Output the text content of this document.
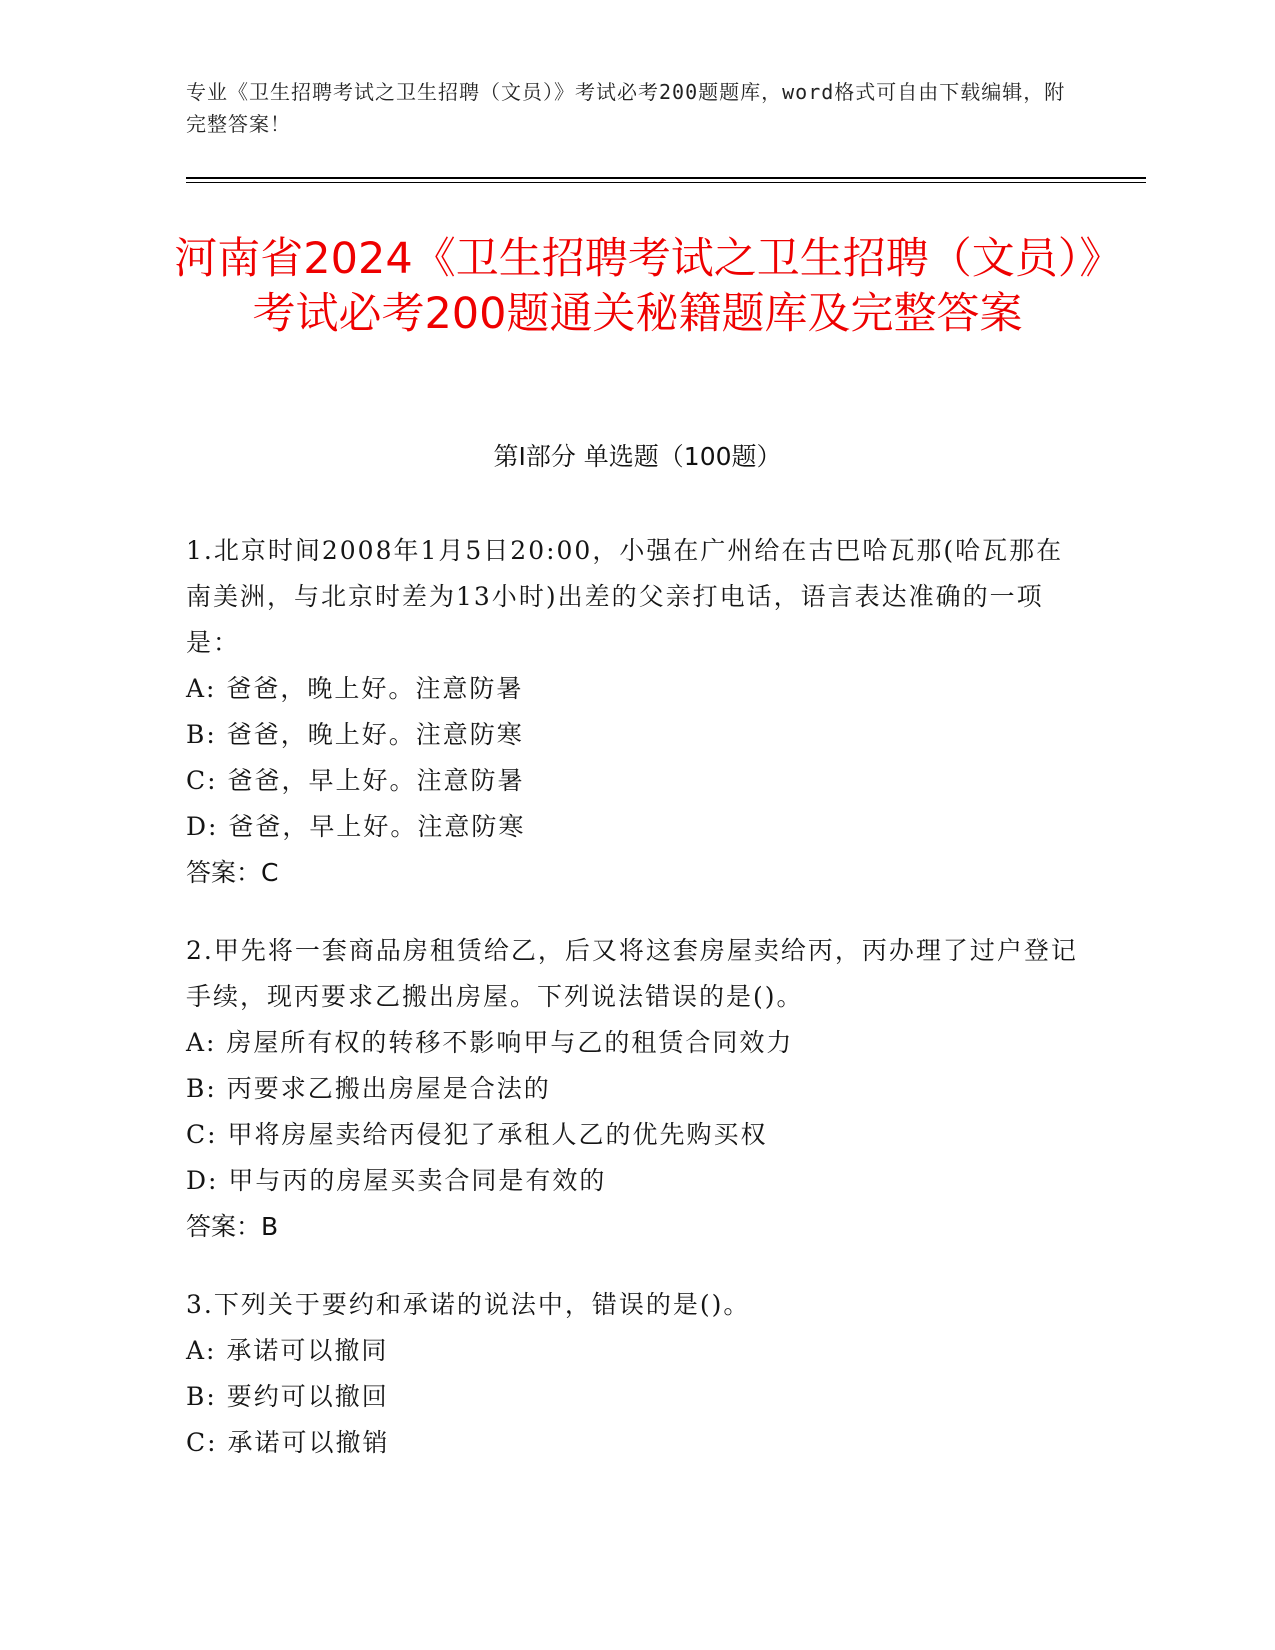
专业《卫生招聘考试之卫生招聘（文员）》考试必考200题题库，word格式可自由下载编辑，附完整答案！
河南省2024《卫生招聘考试之卫生招聘（文员）》考试必考200题通关秘籍题库及完整答案
第Ⅰ部分 单选题（100题）
1.北京时间2008年1月5日20:00，小强在广州给在古巴哈瓦那(哈瓦那在南美洲，与北京时差为13小时)出差的父亲打电话，语言表达准确的一项是：
A: 爸爸，晚上好。注意防暑
B: 爸爸，晚上好。注意防寒
C: 爸爸，早上好。注意防暑
D: 爸爸，早上好。注意防寒
答案：C
2.甲先将一套商品房租赁给乙，后又将这套房屋卖给丙，丙办理了过户登记手续，现丙要求乙搬出房屋。下列说法错误的是()。
A: 房屋所有权的转移不影响甲与乙的租赁合同效力
B: 丙要求乙搬出房屋是合法的
C: 甲将房屋卖给丙侵犯了承租人乙的优先购买权
D: 甲与丙的房屋买卖合同是有效的
答案：B
3.下列关于要约和承诺的说法中，错误的是()。
A: 承诺可以撤同
B: 要约可以撤回
C: 承诺可以撤销
